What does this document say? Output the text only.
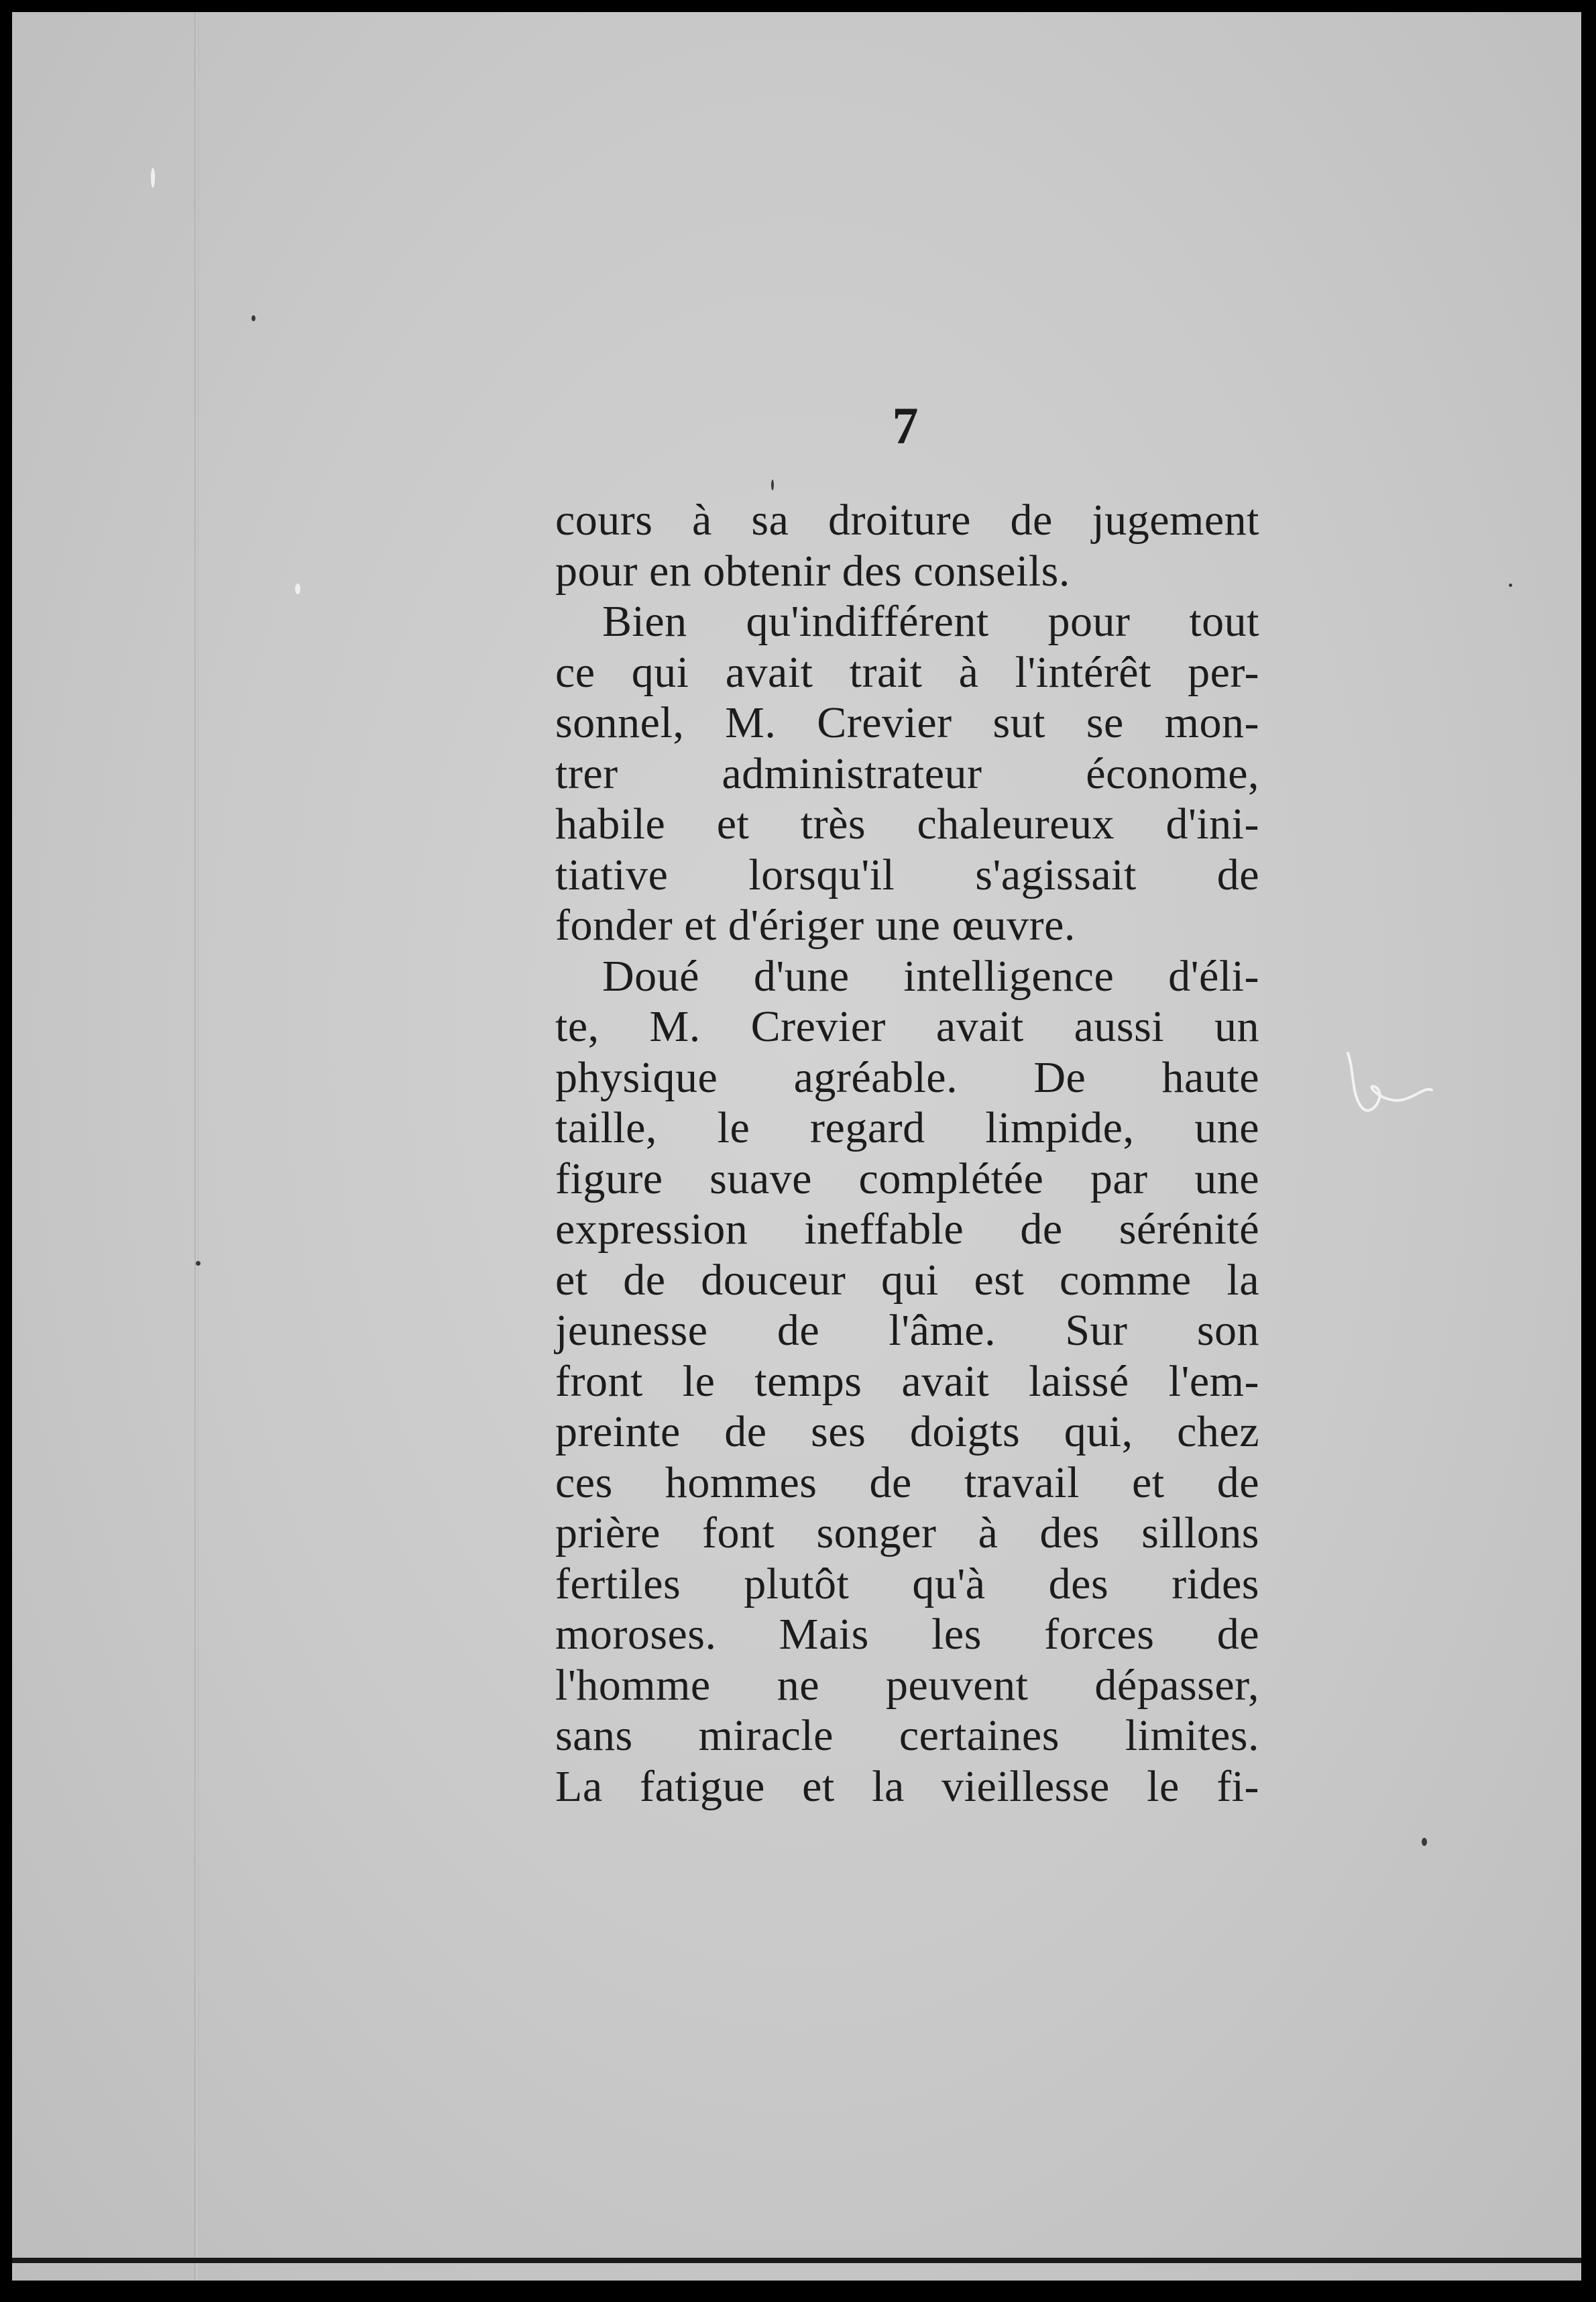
7
cours à sa droiture de jugement
pour en obtenir des conseils.
Bien qu'indifférent pour tout
ce qui avait trait à l'intérêt per-
sonnel, M. Crevier sut se mon-
trer administrateur économe,
habile et très chaleureux d'ini-
tiative lorsqu'il s'agissait de
fonder et d'ériger une œuvre.
Doué d'une intelligence d'éli-
te, M. Crevier avait aussi un
physique agréable. De haute
taille, le regard limpide, une
figure suave complétée par une
expression ineffable de sérénité
et de douceur qui est comme la
jeunesse de l'âme. Sur son
front le temps avait laissé l'em-
preinte de ses doigts qui, chez
ces hommes de travail et de
prière font songer à des sillons
fertiles plutôt qu'à des rides
moroses. Mais les forces de
l'homme ne peuvent dépasser,
sans miracle certaines limites.
La fatigue et la vieillesse le fi-
